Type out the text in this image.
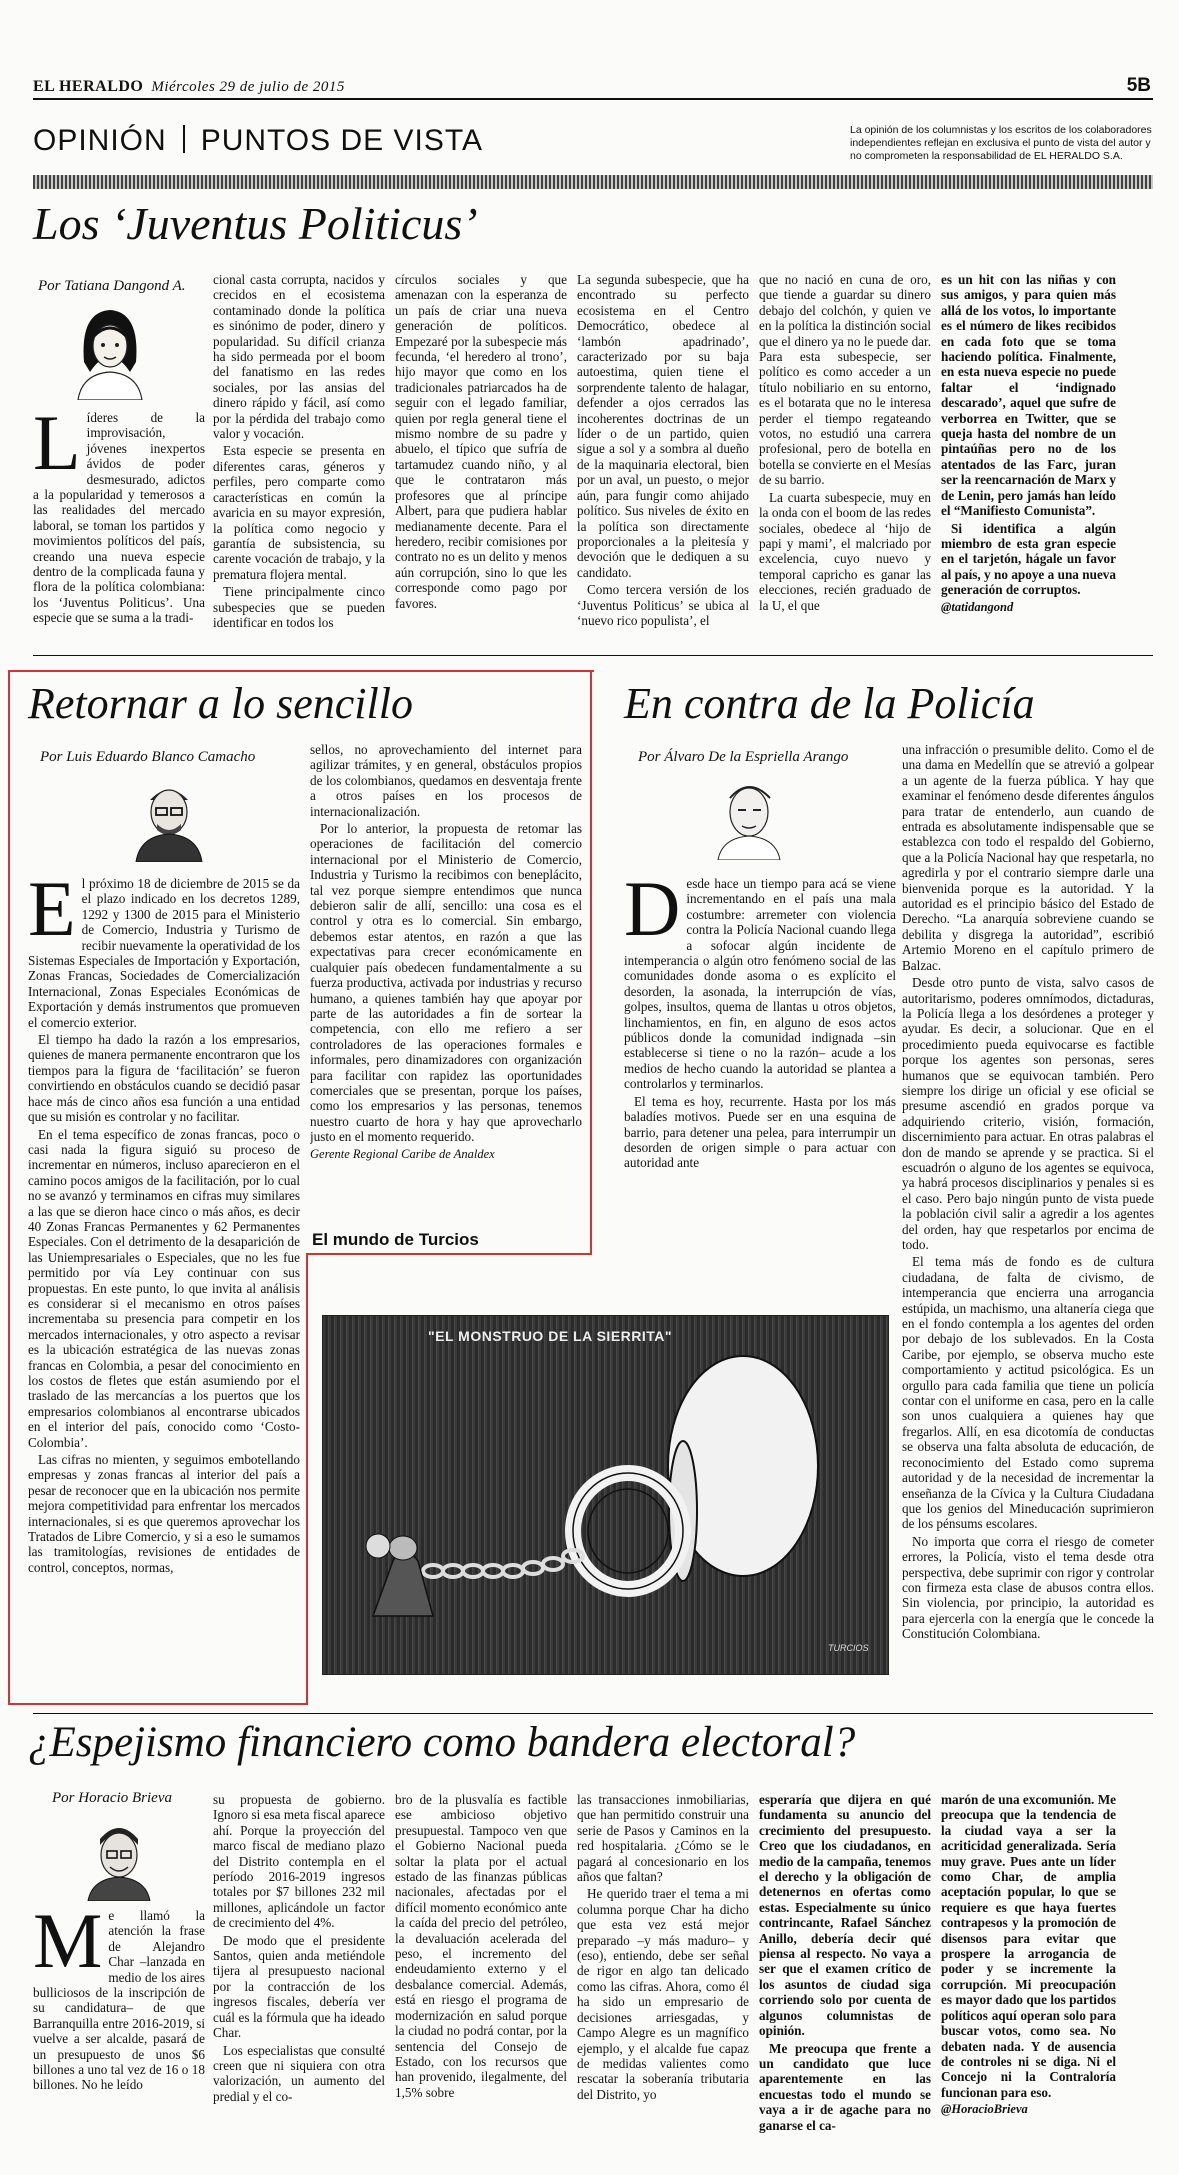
EL HERALDO Miércoles 29 de julio de 2015	5B
OPINIÓN PUNTOS DE VISTA	La opinión de los columnistas y los escritos de los colaboradores independientes reflejan en exclusiva el punto de vista del autor y no comprometen la responsabilidad de EL HERALDO S.A.
Los ‘Juventus Politicus’
Por Tatiana Dangond A.
Líderes de la improvisación, jóvenes inexpertos ávidos de poder desmesurado, adictos a la popularidad y temerosos a las realidades del mercado laboral, se toman los partidos y movimientos políticos del país, creando una nueva especie dentro de la complicada fauna y flora de la política colombiana: los ‘Juventus Politicus’. Una especie que se suma a la tradi-

cional casta corrupta, nacidos y crecidos en el ecosistema contaminado donde la política es sinónimo de poder, dinero y popularidad. Su difícil crianza ha sido permeada por el boom del fanatismo en las redes sociales, por las ansias del dinero rápido y fácil, así como por la pérdida del trabajo como valor y vocación.

Esta especie se presenta en diferentes caras, géneros y perfiles, pero comparte como características en común la avaricia en su mayor expresión, la política como negocio y garantía de subsistencia, su carente vocación de trabajo, y la prematura flojera mental.

Tiene principalmente cinco subespecies que se pueden identificar en todos los

círculos sociales y que amenazan con la esperanza de un país de criar una nueva generación de políticos. Empezaré por la subespecie más fecunda, ‘el heredero al trono’, hijo mayor que como en los tradicionales patriarcados ha de seguir con el legado familiar, quien por regla general tiene el mismo nombre de su padre y abuelo, el típico que sufría de tartamudez cuando niño, y al que le contrataron más profesores que al príncipe Albert, para que pudiera hablar medianamente decente. Para el heredero, recibir comisiones por contrato no es un delito y menos aún corrupción, sino lo que les corresponde como pago por favores.

La segunda subespecie, que ha encontrado su perfecto ecosistema en el Centro Democrático, obedece al ‘lambón apadrinado’, caracterizado por su baja autoestima, quien tiene el sorprendente talento de halagar, defender a ojos cerrados las incoherentes doctrinas de un líder o de un partido, quien sigue a sol y a sombra al dueño de la maquinaria electoral, bien por un aval, un puesto, o mejor aún, para fungir como ahijado político. Sus niveles de éxito en la política son directamente proporcionales a la pleitesía y devoción que le dediquen a su candidato.

Como tercera versión de los ‘Juventus Politicus’ se ubica al ‘nuevo rico populista’, el

que no nació en cuna de oro, que tiende a guardar su dinero debajo del colchón, y quien ve en la política la distinción social que el dinero ya no le puede dar. Para esta subespecie, ser político es como acceder a un título nobiliario en su entorno, es el botarata que no le interesa perder el tiempo regateando votos, no estudió una carrera profesional, pero de botella en botella se convierte en el Mesías de su barrio.

La cuarta subespecie, muy en la onda con el boom de las redes sociales, obedece al ‘hijo de papi y mami’, el malcriado por excelencia, cuyo nuevo y temporal capricho es ganar las elecciones, recién graduado de la U, el que

es un hit con las niñas y con sus amigos, y para quien más allá de los votos, lo importante es el número de likes recibidos en cada foto que se toma haciendo política. Finalmente, en esta nueva especie no puede faltar el ‘indignado descarado’, aquel que sufre de verborrea en Twitter, que se queja hasta del nombre de un pintaúñas pero no de los atentados de las Farc, juran ser la reencarnación de Marx y de Lenin, pero jamás han leído el “Manifiesto Comunista”.

Si identifica a algún miembro de esta gran especie en el tarjetón, hágale un favor al país, y no apoye a una nueva generación de corruptos.

@tatidangond

Retornar a lo sencillo
Por Luis Eduardo Blanco Camacho

El próximo 18 de diciembre de 2015 se da el plazo indicado en los decretos 1289, 1292 y 1300 de 2015 para el Ministerio de Comercio, Industria y Turismo de recibir nuevamente la operatividad de los Sistemas Especiales de Importación y Exportación, Zonas Francas, Sociedades de Comercialización Internacional, Zonas Especiales Económicas de Exportación y demás instrumentos que promueven el comercio exterior.

El tiempo ha dado la razón a los empresarios, quienes de manera permanente encontraron que los tiempos para la figura de ‘facilitación’ se fueron convirtiendo en obstáculos cuando se decidió pasar hace más de cinco años esa función a una entidad que su misión es controlar y no facilitar.

En el tema específico de zonas francas, poco o casi nada la figura siguió su proceso de incrementar en números, incluso aparecieron en el camino pocos amigos de la facilitación, por lo cual no se avanzó y terminamos en cifras muy similares a las que se dieron hace cinco o más años, es decir 40 Zonas Francas Permanentes y 62 Permanentes Especiales. Con el detrimento de la desaparición de las Uniempresariales o Especiales, que no les fue permitido por vía Ley continuar con sus propuestas. En este punto, lo que invita al análisis es considerar si el mecanismo en otros países incrementaba su presencia para competir en los mercados internacionales, y otro aspecto a revisar es la ubicación estratégica de las nuevas zonas francas en Colombia, a pesar del conocimiento en los costos de fletes que están asumiendo por el traslado de las mercancías a los puertos que los empresarios colombianos al encontrarse ubicados en el interior del país, conocido como ‘Costo-Colombia’.

Las cifras no mienten, y seguimos embotellando empresas y zonas francas al interior del país a pesar de reconocer que en la ubicación nos permite mejora competitividad para enfrentar los mercados internacionales, si es que queremos aprovechar los Tratados de Libre Comercio, y si a eso le sumamos las tramitologías, revisiones de entidades de control, conceptos, normas,

sellos, no aprovechamiento del internet para agilizar trámites, y en general, obstáculos propios de los colombianos, quedamos en desventaja frente a otros países en los procesos de internacionalización.

Por lo anterior, la propuesta de retomar las operaciones de facilitación del comercio internacional por el Ministerio de Comercio, Industria y Turismo la recibimos con beneplácito, tal vez porque siempre entendimos que nunca debieron salir de allí, sencillo: una cosa es el control y otra es lo comercial. Sin embargo, debemos estar atentos, en razón a que las expectativas para crecer económicamente en cualquier país obedecen fundamentalmente a su fuerza productiva, activada por industrias y recurso humano, a quienes también hay que apoyar por parte de las autoridades a fin de sortear la competencia, con ello me refiero a ser controladores de las operaciones formales e informales, pero dinamizadores con organización para facilitar con rapidez las oportunidades comerciales que se presentan, porque los países, como los empresarios y las personas, tenemos nuestro cuarto de hora y hay que aprovecharlo justo en el momento requerido.

Gerente Regional Caribe de Analdex

El mundo de Turcios
"EL MONSTRUO DE LA SIERRITA"
TURCIOS
En contra de la Policía
Por Álvaro De la Espriella Arango

Desde hace un tiempo para acá se viene incrementando en el país una mala costumbre: arremeter con violencia contra la Policía Nacional cuando llega a sofocar algún incidente de intemperancia o algún otro fenómeno social de las comunidades donde asoma o es explícito el desorden, la asonada, la interrupción de vías, golpes, insultos, quema de llantas u otros objetos, linchamientos, en fin, en alguno de esos actos públicos donde la comunidad indignada –sin establecerse si tiene o no la razón– acude a los medios de hecho cuando la autoridad se plantea a controlarlos y terminarlos.

El tema es hoy, recurrente. Hasta por los más baladíes motivos. Puede ser en una esquina de barrio, para detener una pelea, para interrumpir un desorden de origen simple o para actuar con autoridad ante

una infracción o presumible delito. Como el de una dama en Medellín que se atrevió a golpear a un agente de la fuerza pública. Y hay que examinar el fenómeno desde diferentes ángulos para tratar de entenderlo, aun cuando de entrada es absolutamente indispensable que se establezca con todo el respaldo del Gobierno, que a la Policía Nacional hay que respetarla, no agredirla y por el contrario siempre darle una bienvenida porque es la autoridad. Y la autoridad es el principio básico del Estado de Derecho. “La anarquía sobreviene cuando se debilita y disgrega la autoridad”, escribió Artemio Moreno en el capítulo primero de Balzac.

Desde otro punto de vista, salvo casos de autoritarismo, poderes omnímodos, dictaduras, la Policía llega a los desórdenes a proteger y ayudar. Es decir, a solucionar. Que en el procedimiento pueda equivocarse es factible porque los agentes son personas, seres humanos que se equivocan también. Pero siempre los dirige un oficial y ese oficial se presume ascendió en grados porque va adquiriendo criterio, visión, formación, discernimiento para actuar. En otras palabras el don de mando se aprende y se practica. Si el escuadrón o alguno de los agentes se equivoca, ya habrá procesos disciplinarios y penales si es el caso. Pero bajo ningún punto de vista puede la población civil salir a agredir a los agentes del orden, hay que respetarlos por encima de todo.

El tema más de fondo es de cultura ciudadana, de falta de civismo, de intemperancia que encierra una arrogancia estúpida, un machismo, una altanería ciega que en el fondo contempla a los agentes del orden por debajo de los sublevados. En la Costa Caribe, por ejemplo, se observa mucho este comportamiento y actitud psicológica. Es un orgullo para cada familia que tiene un policía contar con el uniforme en casa, pero en la calle son unos cualquiera a quienes hay que fregarlos. Allí, en esa dicotomía de conductas se observa una falta absoluta de educación, de reconocimiento del Estado como suprema autoridad y de la necesidad de incrementar la enseñanza de la Cívica y la Cultura Ciudadana que los genios del Mineducación suprimieron de los pénsums escolares.

No importa que corra el riesgo de cometer errores, la Policía, visto el tema desde otra perspectiva, debe suprimir con rigor y controlar con firmeza esta clase de abusos contra ellos. Sin violencia, por principio, la autoridad es para ejercerla con la energía que le concede la Constitución Colombiana.

¿Espejismo financiero como bandera electoral?
Por Horacio Brieva
Me llamó la atención la frase de Alejandro Char –lanzada en medio de los aires bulliciosos de la inscripción de su candidatura– de que Barranquilla entre 2016-2019, si vuelve a ser alcalde, pasará de un presupuesto de unos $6 billones a uno tal vez de 16 o 18 billones. No he leído

su propuesta de gobierno. Ignoro si esa meta fiscal aparece ahí. Porque la proyección del marco fiscal de mediano plazo del Distrito contempla en el período 2016-2019 ingresos totales por $7 billones 232 mil millones, aplicándole un factor de crecimiento del 4%.

De modo que el presidente Santos, quien anda metiéndole tijera al presupuesto nacional por la contracción de los ingresos fiscales, debería ver cuál es la fórmula que ha ideado Char.

Los especialistas que consulté creen que ni siquiera con otra valorización, un aumento del predial y el co-

bro de la plusvalía es factible ese ambicioso objetivo presupuestal. Tampoco ven que el Gobierno Nacional pueda soltar la plata por el actual estado de las finanzas públicas nacionales, afectadas por el difícil momento económico ante la caída del precio del petróleo, la devaluación acelerada del peso, el incremento del endeudamiento externo y el desbalance comercial. Además, está en riesgo el programa de modernización en salud porque la ciudad no podrá contar, por la sentencia del Consejo de Estado, con los recursos que han provenido, ilegalmente, del 1,5% sobre

las transacciones inmobiliarias, que han permitido construir una serie de Pasos y Caminos en la red hospitalaria. ¿Cómo se le pagará al concesionario en los años que faltan?

He querido traer el tema a mi columna porque Char ha dicho que esta vez está mejor preparado –y más maduro– y (eso), entiendo, debe ser señal de rigor en algo tan delicado como las cifras. Ahora, como él ha sido un empresario de decisiones arriesgadas, y Campo Alegre es un magnífico ejemplo, y el alcalde fue capaz de medidas valientes como rescatar la soberanía tributaria del Distrito, yo

esperaría que dijera en qué fundamenta su anuncio del crecimiento del presupuesto. Creo que los ciudadanos, en medio de la campaña, tenemos el derecho y la obligación de detenernos en ofertas como estas. Especialmente su único contrincante, Rafael Sánchez Anillo, debería decir qué piensa al respecto. No vaya a ser que el examen crítico de los asuntos de ciudad siga corriendo solo por cuenta de algunos columnistas de opinión.

Me preocupa que frente a un candidato que luce aparentemente en las encuestas todo el mundo se vaya a ir de agache para no ganarse el ca-

marón de una excomunión. Me preocupa que la tendencia de la ciudad vaya a ser la acriticidad generalizada. Sería muy grave. Pues ante un líder como Char, de amplia aceptación popular, lo que se requiere es que haya fuertes contrapesos y la promoción de disensos para evitar que prospere la arrogancia de poder y se incremente la corrupción. Mi preocupación es mayor dado que los partidos políticos aquí operan solo para buscar votos, como sea. No debaten nada. Y de ausencia de controles ni se diga. Ni el Concejo ni la Contraloría funcionan para eso.

@HoracioBrieva
